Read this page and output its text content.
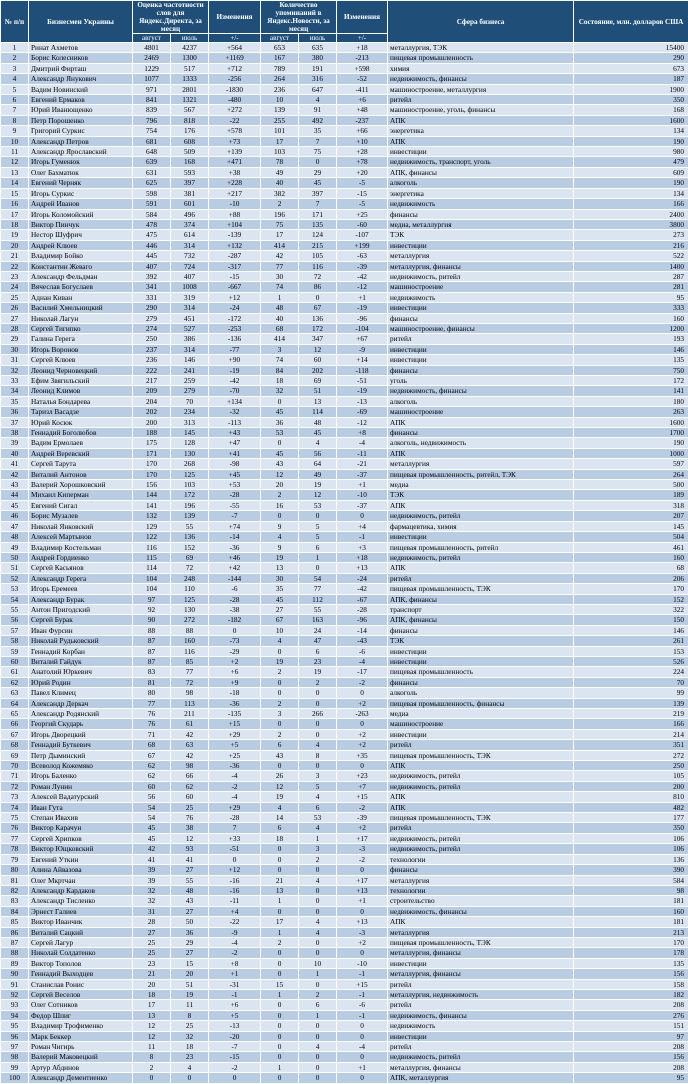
№ п/п	Бизнесмен Украины	Оценка частотности слов для Яндекс.Директа, за месяц		Изменения	Количество упоминаний в Яндекс.Новости, за месяц		Изменения	Сфера бизнеса	Состояние, млн. долларов США
		август	июль	+/-	август	июль	+/-		
1	Ринат Ахметов	4801	4237	+564	653	635	+18	металлургия, ТЭК	15400
2	Борис Колесников	2469	1300	+1169	167	380	-213	пищевая промышленность	290
3	Дмитрий Фирташ	1229	517	+712	789	191	+598	химия	673
4	Александр Янукович	1077	1333	-256	264	316	-52	недвижимость, финансы	187
5	Вадим Новинский	971	2801	-1830	236	647	-411	машиностроение, металлургия	1900
6	Евгений Ермаков	841	1321	-480	10	4	+6	ритейл	350
7	Юрий Иванющенко	839	567	+272	139	91	+48	машиностроение, уголь, финансы	168
8	Петр Порошенко	796	818	-22	255	492	-237	АПК	1600
9	Григорий Суркис	754	176	+578	101	35	+66	энергетика	134
10	Александр Петров	681	608	+73	17	7	+10	АПК	190
11	Александр Ярославский	648	509	+139	103	75	+28	инвестиции	980
12	Игорь Гуменюк	639	168	+471	78	0	+78	недвижимость, транспорт, уголь	479
13	Олег Бахматюк	631	593	+38	49	29	+20	АПК, финансы	609
14	Евгений Черняк	625	397	+228	40	45	-5	алкоголь	190
15	Игорь Суркис	598	381	+217	382	397	-15	энергетика	134
16	Андрей Иванов	591	601	-10	2	7	-5	недвижимость	166
17	Игорь Коломойский	584	496	+88	196	171	+25	финансы	2400
18	Виктор Пинчук	478	374	+104	75	135	-60	медиа, металлургия	3800
19	Нестор Шуфрич	475	614	-139	17	124	-107	ТЭК	273
20	Андрей Клюев	446	314	+132	414	215	+199	инвестиции	216
21	Владимир Бойко	445	732	-287	42	105	-63	металлургия	522
22	Константин Жеваго	407	724	-317	77	116	-39	металлургия, финансы	1400
23	Александр Фельдман	392	407	-15	30	72	-42	недвижимость, ритейл	287
24	Вячеслав Богуслаев	341	1008	-667	74	86	-12	машиностроение	281
25	Аднан Киван	331	319	+12	1	0	+1	недвижимость	95
26	Василий Хмельницкий	290	314	-24	48	67	-19	инвестиции	333
27	Николай Лагун	279	451	-172	40	136	-96	финансы	160
28	Сергей Тигипко	274	527	-253	68	172	-104	машиностроение, финансы	1200
29	Галина Герега	250	386	-136	414	347	+67	ритейл	193
30	Игорь Воронов	237	314	-77	3	12	-9	инвестиции	146
31	Сергей Клюев	236	146	+90	74	60	+14	инвестиции	135
32	Леонид Черновецкий	222	241	-19	84	202	-118	финансы	750
33	Ефим Звягильский	217	259	-42	18	69	-51	уголь	172
34	Леонид Климов	209	279	-70	32	51	-19	недвижимость, финансы	141
35	Наталья Бондарева	204	70	+134	0	13	-13	алкоголь	180
36	Таризл Васадзе	202	234	-32	45	114	-69	машиностроение	263
37	Юрий Косюк	200	313	-113	36	48	-12	АПК	1600
38	Геннадий Боголюбов	188	145	+43	53	45	+8	финансы	1700
39	Вадим Ермолаев	175	128	+47	0	4	-4	алкоголь, недвижимость	190
40	Андрей Веревский	171	130	+41	45	56	-11	АПК	1000
41	Сергей Тарута	170	268	-98	43	64	-21	металлургия	597
42	Виталий Антонов	170	125	+45	12	49	-37	пищевая промышленность, ритейл, ТЭК	264
43	Валерий Хорошковский	156	103	+53	20	19	+1	медиа	500
44	Михаил Киперман	144	172	-28	2	12	-10	ТЭК	189
45	Евгений Сигал	141	196	-55	16	53	-37	АПК	318
46	Борис Музалев	132	139	-7	0	0	0	недвижимость, ритейл	207
47	Николай Янковский	129	55	+74	9	5	+4	фармацевтика, химия	145
48	Алексей Мартынов	122	136	-14	4	5	-1	инвестиции	504
49	Владимир Костельман	116	152	-36	9	6	+3	пищевая промышленность, ритейл	461
50	Андрей Гордиенко	115	69	+46	19	1	+18	недвижимость, ритейл	160
51	Сергей Касьянов	114	72	+42	13	0	+13	АПК	68
52	Александр Герега	104	248	-144	30	54	-24	ритейл	206
53	Игорь Еремеев	104	110	-6	35	77	-42	пищевая промышленность, ТЭК	170
54	Александр Бурак	97	125	-28	45	112	-67	АПК, финансы	152
55	Антон Пригодский	92	130	-38	27	55	-28	транспорт	322
56	Сергей Бурак	90	272	-182	67	163	-96	АПК, финансы	150
57	Иван Фурсин	88	88	0	10	24	-14	финансы	146
58	Николай Рудьковский	87	160	-73	4	47	-43	ТЭК	261
59	Геннадий Корбан	87	116	-29	0	6	-6	инвестиции	153
60	Виталий Гайдук	87	85	+2	19	23	-4	инвестиции	526
61	Анатолий Юркевич	83	77	+6	2	19	-17	пищевая промышленность	224
62	Юрий Родин	81	72	+9	0	2	-2	финансы	70
63	Павел Климец	80	98	-18	0	0	0	алкоголь	99
64	Александр Деркач	77	113	-36	2	0	+2	пищевая промышленность, финансы	139
65	Александр Родянский	76	211	-135	3	266	-263	медиа	219
66	Георгий Скударь	76	61	+15	0	0	0	машиностроение	166
67	Игорь Дворецкий	71	42	+29	2	0	+2	инвестиции	214
68	Геннадий Буткевич	68	63	+5	6	4	+2	ритейл	351
69	Петр Дыминский	67	42	+25	43	8	+35	пищевая промышленность, ТЭК	272
70	Всеволод Кожемяко	62	98	-36	0	0	0	АПК	250
71	Игорь Баленко	62	66	-4	26	3	+23	недвижимость, ритейл	105
72	Роман Лунин	60	62	-2	12	5	+7	недвижимость, ритейл	200
73	Алексей Вадатурский	56	60	-4	19	4	+15	АПК	810
74	Иван Гута	54	25	+29	4	6	-2	АПК	482
75	Степан Ивахив	54	76	-28	14	53	-39	пищевая промышленность, ТЭК	177
76	Виктор Карачун	45	38	7	6	4	+2	ритейл	350
77	Сергей Хрипков	45	12	+33	18	1	+17	недвижимость, ритейл	106
78	Виктор Ющковский	42	93	-51	0	3	-3	недвижимость, ритейл	106
79	Евгений Уткин	41	41	0	0	2	-2	технологии	136
80	Алина Айвазова	39	27	+12	0	0	0	финансы	390
81	Олег Мкртчан	39	55	-16	21	4	+17	металлургия	584
82	Александр Кардаков	32	48	-16	13	0	+13	технологии	98
83	Александр Тисленко	32	43	-11	1	0	+1	строительство	181
84	Эрнест Галиев	31	27	+4	0	0	0	недвижимость, финансы	160
85	Виктор Иванчик	28	50	-22	17	4	+13	АПК	181
86	Виталий Сацкий	27	36	-9	1	4	-3	металлургия	213
87	Сергей Лагур	25	29	-4	2	0	+2	пищевая промышленность, ТЭК	170
88	Николай Солдатенко	25	27	-2	0	0	0	металлургия, финансы	178
89	Виктор Тополов	23	15	+8	0	10	-10	инвестиции	135
90	Геннадий Выходцев	21	20	+1	0	1	-1	металлургия, финансы	156
91	Станислав Ронис	20	51	-31	15	0	+15	ритейл	158
92	Сергей Веселов	18	19	-1	1	2	-1	металлургия, недвижимость	182
93	Олег Сотников	17	11	+6	0	6	-6	ритейл	208
94	Федор Шпиг	13	8	+5	0	1	-1	недвижимость, финансы	276
95	Владимир Трофименко	12	25	-13	0	0	0	недвижимость	151
96	Марк Беккер	12	32	-20	0	0	0	инвестиции	97
97	Роман Чигирь	11	18	-7	0	4	-4	ритейл	208
98	Валерий Маковецкий	8	23	-15	0	0	0	недвижимость, ритейл	156
99	Артур Абдинов	2	4	-2	1	0	+1	металлургия, финансы	208
100	Александр Дементиенко	0	0	0	0	0	0	АПК, металлургия	95
